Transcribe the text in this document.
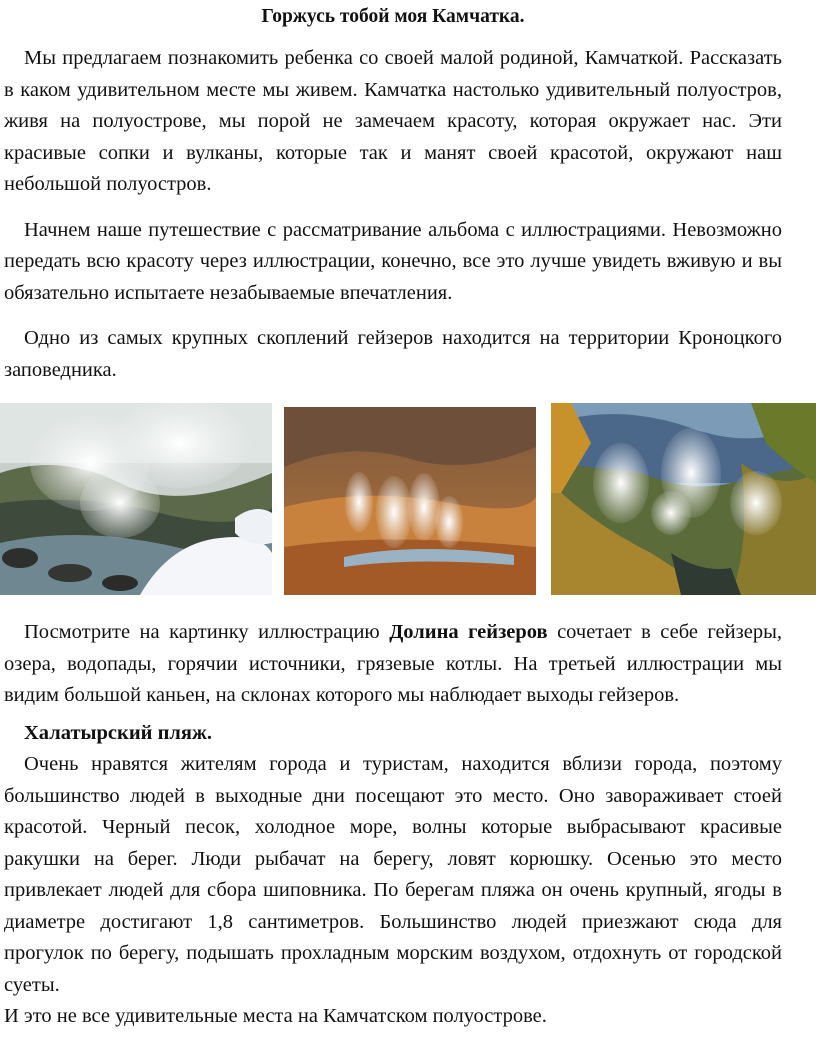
Горжусь тобой моя Камчатка.

Мы предлагаем познакомить ребенка со своей малой родиной, Камчаткой. Рассказать в каком удивительном месте мы живем. Камчатка настолько удивительный полуостров, живя на полуострове, мы порой не замечаем красоту, которая окружает нас. Эти красивые сопки и вулканы, которые так и манят своей красотой, окружают наш небольшой полуостров.

Начнем наше путешествие с рассматривание альбома с иллюстрациями. Невозможно передать всю красоту через иллюстрации, конечно, все это лучше увидеть вживую и вы обязательно испытаете незабываемые впечатления.

Одно из самых крупных скоплений гейзеров находится на территории Кроноцкого заповедника.

Посмотрите на картинку иллюстрацию Долина гейзеров сочетает в себе гейзеры, озера, водопады, горячии источники, грязевые котлы. На третьей иллюстрации мы видим большой каньен, на склонах которого мы наблюдает выходы гейзеров.

Халатырский пляж.

Очень нравятся жителям города и туристам, находится вблизи города, поэтому большинство людей в выходные дни посещают это место. Оно завораживает стоей красотой. Черный песок, холодное море, волны которые выбрасывают красивые ракушки на берег. Люди рыбачат на берегу, ловят корюшку. Осенью это место привлекает людей для сбора шиповника. По берегам пляжа он очень крупный, ягоды в диаметре достигают 1,8 сантиметров. Большинство людей приезжают сюда для прогулок по берегу, подышать прохладным морским воздухом, отдохнуть от городской суеты.

И это не все удивительные места на Камчатском полуострове.
